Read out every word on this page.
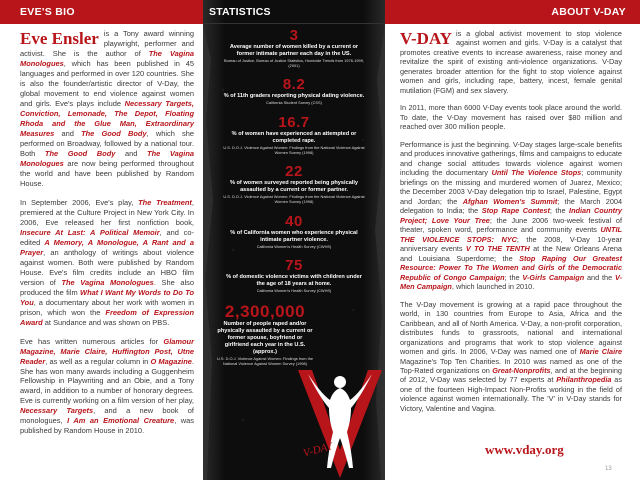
EVE'S BIO

Eve Ensler is a Tony award winning playwright, performer and activist. She is the author of The Vagina Monologues, which has been published in 45 languages and performed in over 120 countries. She is also the founder/artistic director of V-Day, the global movement to end violence against women and girls. Eve's plays include Necessary Targets, Conviction, Lemonade, The Depot, Floating Rhoda and the Glue Man, Extraordinary Measures and The Good Body, which she performed on Broadway, followed by a national tour. Both The Good Body and The Vagina Monologues are now being performed throughout the world and have been published by Random House.

In September 2006, Eve's play, The Treatment, premiered at the Culture Project in New York City. In 2006, Eve released her first nonfiction book, Insecure At Last: A Political Memoir, and co-edited A Memory, A Monologue, A Rant and a Prayer, an anthology of writings about violence against women. Both were published by Random House. Eve's film credits include an HBO film version of The Vagina Monologues. She also produced the film What I Want My Words to Do To You, a documentary about her work with women in prison, which won the Freedom of Expression Award at Sundance and was shown on PBS.

Eve has written numerous articles for Glamour Magazine, Marie Claire, Huffington Post, Utne Reader, as well as a regular column in O Magazine. She has won many awards including a Guggenheim Fellowship in Playwriting and an Obie, and a Tony award, in addition to a number of honorary degrees. Eve is currently working on a film version of her play, Necessary Targets, and a new book of monologues, I Am an Emotional Creature, was published by Random House in 2010.

STATISTICS
3
Average number of women killed by a current or former intimate partner each day in the US.
Bureau of Justice, Bureau of Justice Statistics, Homicide Trends from 1976-1999, (2001)
8.2
% of 11th graders reporting physical dating violence.
California Student Survey (CSS)
16.7
% of women have experienced an attempted or completed rape.
U.S. D.O.J. Violence Against Women: Findings from the National Violence Against Women Survey (1998)
22
% of women surveyed reported being physically assaulted by a current or former partner.
U.S. D.O.J. Violence Against Women: Findings from the National Violence Against Women Survey (1998)
40
% of California women who experience physical intimate partner violence.
California Women's Health Survey (CWHS)
75
% of domestic violence victims with children under the age of 18 years at home.
California Women's Health Survey (CWHS)
2,300,000
Number of people raped and/or physically assaulted by a current or former spouse, boyfriend or girlfriend each year in the U.S. (approx.)
U.S. D.O.J. Violence Against Women: Findings from the National Violence Against Women Survey (1998)
V-DAY
ABOUT V-DAY

V-DAY is a global activist movement to stop violence against women and girls. V-Day is a catalyst that promotes creative events to increase awareness, raise money and revitalize the spirit of existing anti-violence organizations. V-Day generates broader attention for the fight to stop violence against women and girls, including rape, battery, incest, female genital mutilation (FGM) and sex slavery.

In 2011, more than 6000 V-Day events took place around the world. To date, the V-Day movement has raised over $80 million and reached over 300 million people.

Performance is just the beginning. V-Day stages large-scale benefits and produces innovative gatherings, films and campaigns to educate and change social attitudes towards violence against women including the documentary Until The Violence Stops; community briefings on the missing and murdered women of Juarez, Mexico; the December 2003 V-Day delegation trip to Israel, Palestine, Egypt and Jordan; the Afghan Women's Summit; the March 2004 delegation to India; the Stop Rape Contest; the Indian Country Project; Love Your Tree; the June 2006 two-week festival of theater, spoken word, performance and community events UNTIL THE VIOLENCE STOPS: NYC; the 2008, V-Day 10-year anniversary events V TO THE TENTH at the New Orleans Arena and Louisiana Superdome; the Stop Raping Our Greatest Resource: Power To The Women and Girls of the Democratic Republic of Congo Campaign; the V-Girls Campaign and the V-Men Campaign, which launched in 2010.

The V-Day movement is growing at a rapid pace throughout the world, in 130 countries from Europe to Asia, Africa and the Caribbean, and all of North America. V-Day, a non-profit corporation, distributes funds to grassroots, national and international organizations and programs that work to stop violence against women and girls. In 2006, V-Day was named one of Marie Claire Magazine's Top Ten Charities. In 2010 was named as one of the Top-Rated organizations on Great-Nonprofits, and at the beginning of 2012, V-Day was selected by 77 experts at Philanthropedia as one of the fourteen High-Impact Non-Profits working in the field of violence against women internationally. The 'V' in V-Day stands for Victory, Valentine and Vagina.

www.vday.org
13
